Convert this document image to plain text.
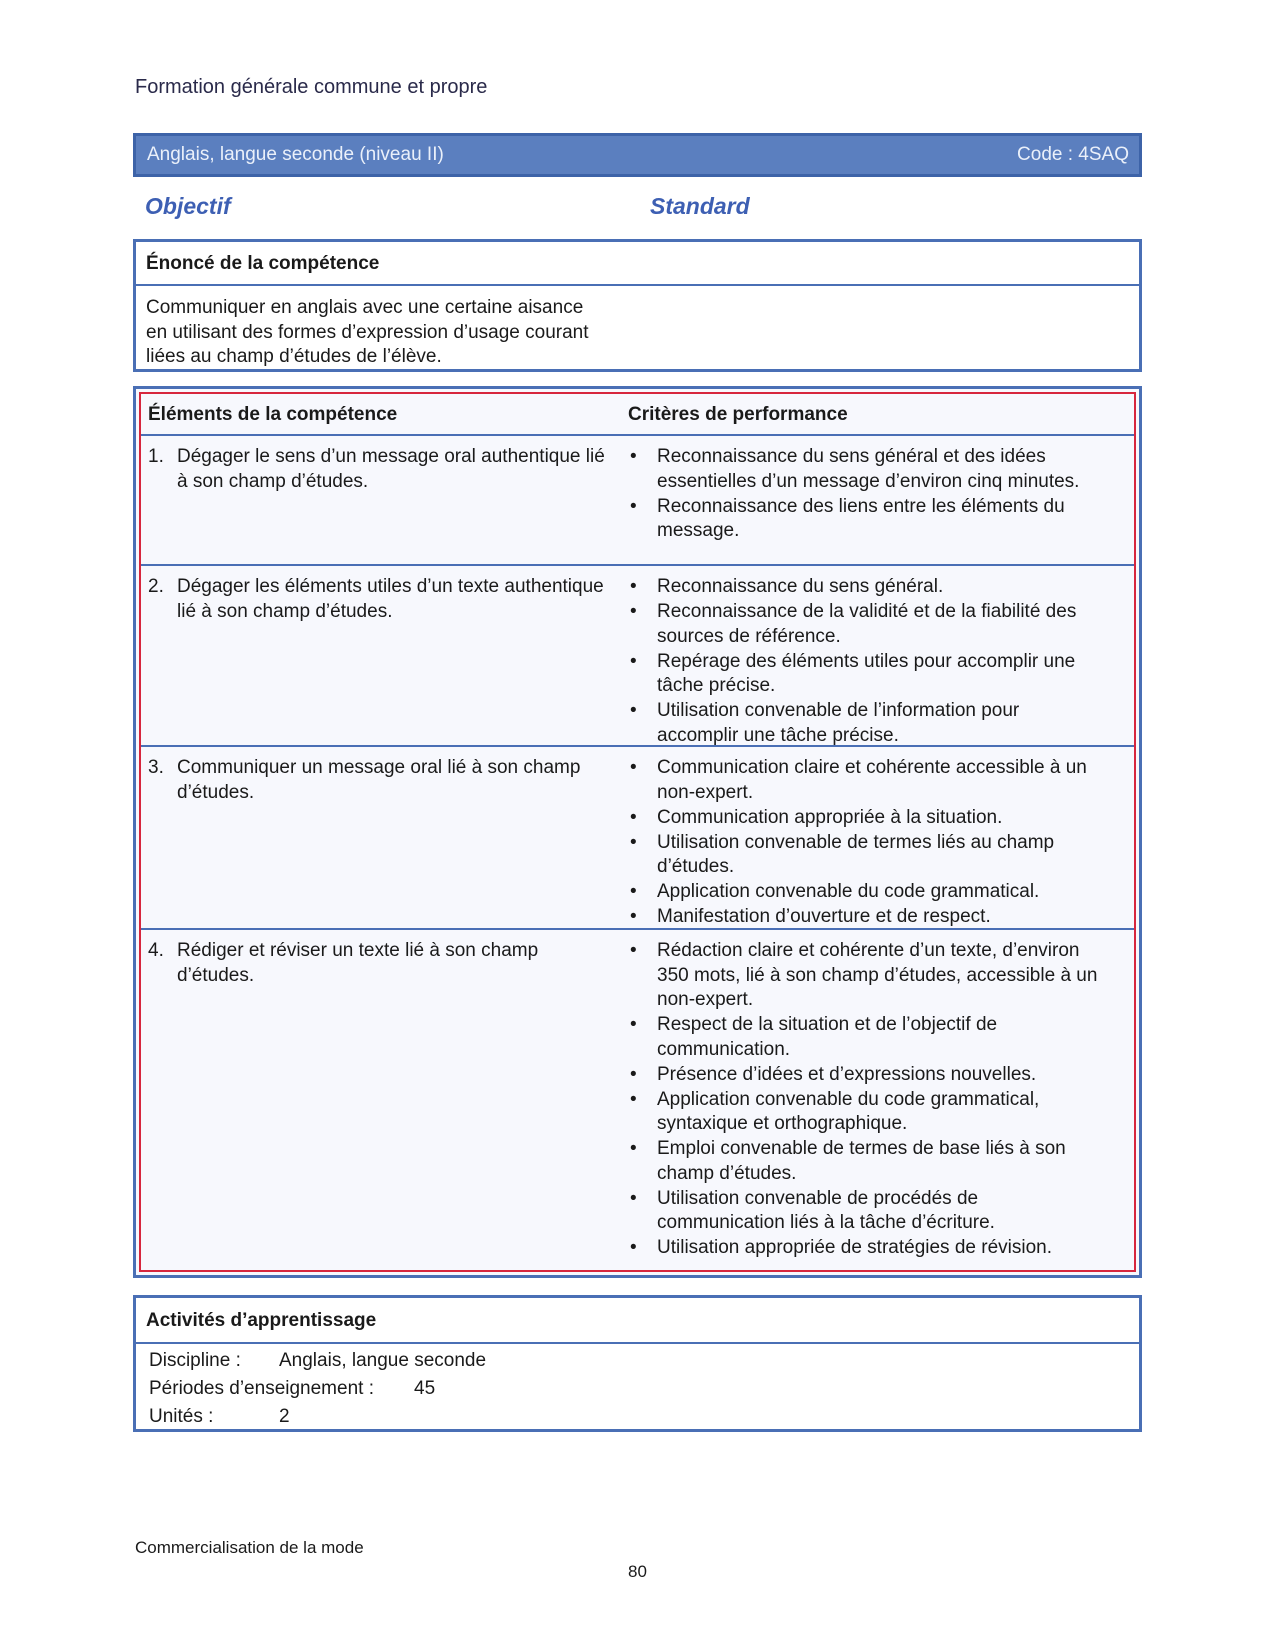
Formation générale commune et propre
Anglais, langue seconde (niveau II)	Code : 4SAQ
Objectif	Standard
Énoncé de la compétence
Communiquer en anglais avec une certaine aisance
en utilisant des formes d’expression d’usage courant
liées au champ d’études de l’élève.
Éléments de la compétence	Critères de performance
1. Dégager le sens d’un message oral authentique lié à son champ d’études.
• Reconnaissance du sens général et des idées essentielles d’un message d’environ cinq minutes.
• Reconnaissance des liens entre les éléments du message.
2. Dégager les éléments utiles d’un texte authentique lié à son champ d’études.
• Reconnaissance du sens général.
• Reconnaissance de la validité et de la fiabilité des sources de référence.
• Repérage des éléments utiles pour accomplir une tâche précise.
• Utilisation convenable de l’information pour accomplir une tâche précise.
3. Communiquer un message oral lié à son champ d’études.
• Communication claire et cohérente accessible à un non-expert.
• Communication appropriée à la situation.
• Utilisation convenable de termes liés au champ d’études.
• Application convenable du code grammatical.
• Manifestation d’ouverture et de respect.
4. Rédiger et réviser un texte lié à son champ d’études.
• Rédaction claire et cohérente d’un texte, d’environ 350 mots, lié à son champ d’études, accessible à un non-expert.
• Respect de la situation et de l’objectif de communication.
• Présence d’idées et d’expressions nouvelles.
• Application convenable du code grammatical, syntaxique et orthographique.
• Emploi convenable de termes de base liés à son champ d’études.
• Utilisation convenable de procédés de communication liés à la tâche d’écriture.
• Utilisation appropriée de stratégies de révision.
Activités d’apprentissage
Discipline : Anglais, langue seconde
Périodes d’enseignement : 45
Unités :	2
Commercialisation de la mode
80
